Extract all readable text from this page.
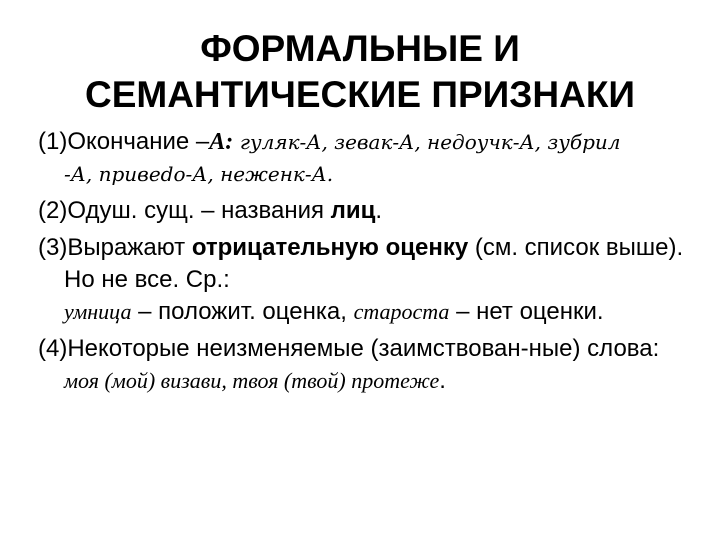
ФОРМАЛЬНЫЕ И
СЕМАНТИЧЕСКИЕ ПРИЗНАКИ
(1)Окончание –А: гуляк-А, зевак-А, недоучк-А, зубрил
-А, привеdo-А, неженк-А.
(2)Одуш. сущ. – названия лиц.
(3)Выражают отрицательную оценку (см. список выше). Но не все. Ср.:
умница – положит. оценка, староста – нет оценки.
(4)Некоторые неизменяемые (заимствован-ные) слова: моя (мой) визави, твоя (твой) протеже.
